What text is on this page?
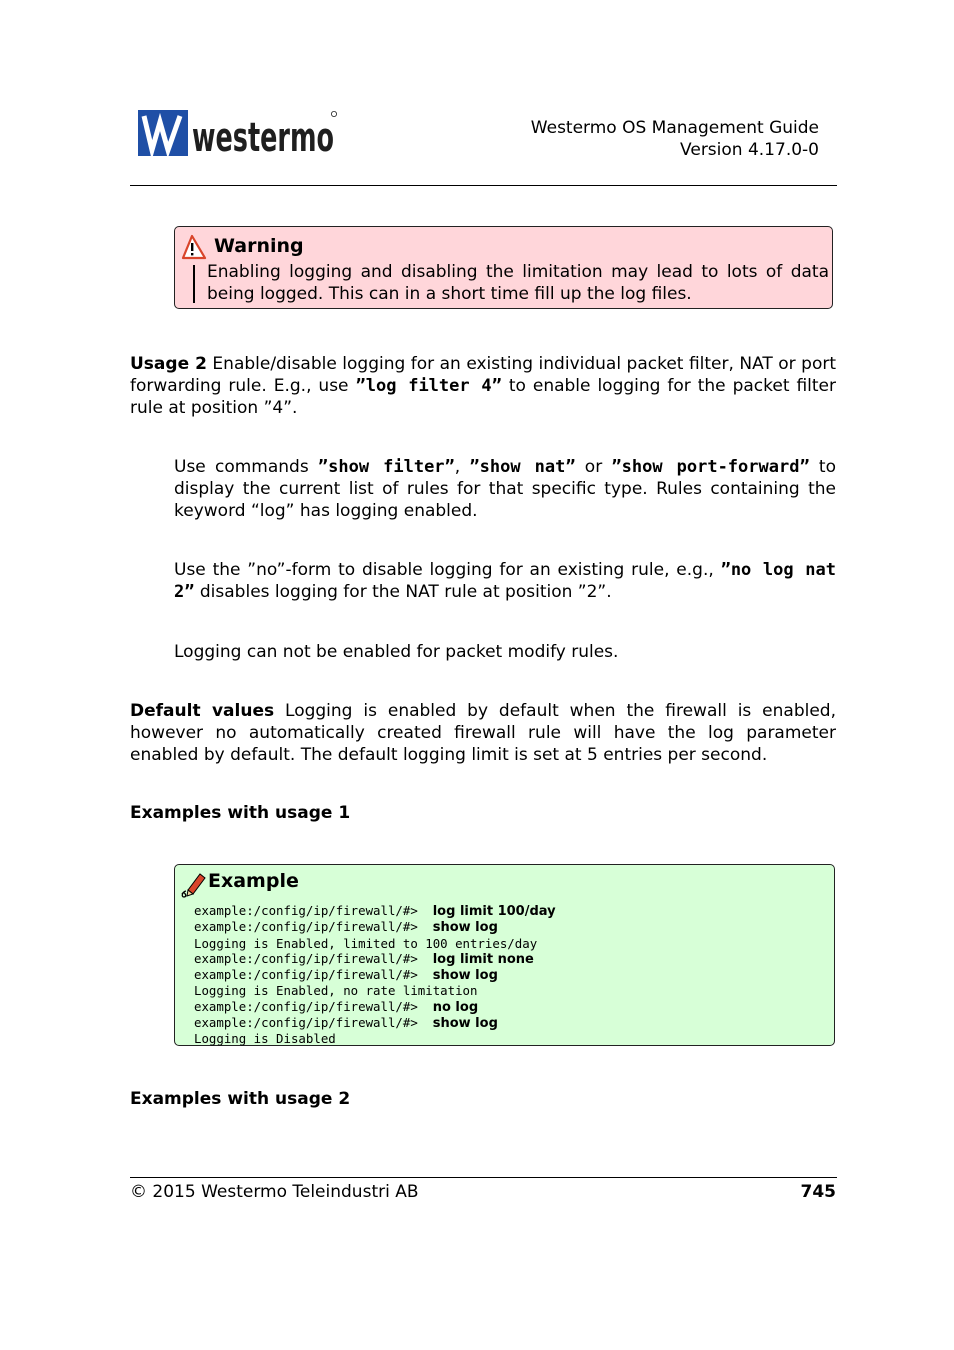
westermo	Westermo OS Management Guide
Version 4.17.0-0
Warning
Enabling logging and disabling the limitation may lead to lots of data being logged. This can in a short time fill up the log files.
Usage 2 Enable/disable logging for an existing individual packet filter, NAT or port forwarding rule. E.g., use ”log filter 4” to enable logging for the packet filter rule at position ”4”.
Use commands ”show filter”, ”show nat” or ”show port-forward” to display the current list of rules for that specific type. Rules containing the keyword “log” has logging enabled.
Use the ”no”-form to disable logging for an existing rule, e.g., ”no log nat 2” disables logging for the NAT rule at position ”2”.
Logging can not be enabled for packet modify rules.
Default values Logging is enabled by default when the firewall is enabled, however no automatically created firewall rule will have the log parameter enabled by default. The default logging limit is set at 5 entries per second.
Examples with usage 1
Example
example:/config/ip/firewall/#>  log limit 100/day
example:/config/ip/firewall/#>  show log
Logging is Enabled, limited to 100 entries/day
example:/config/ip/firewall/#>  log limit none
example:/config/ip/firewall/#>  show log
Logging is Enabled, no rate limitation
example:/config/ip/firewall/#>  no log
example:/config/ip/firewall/#>  show log
Logging is Disabled
Examples with usage 2
© 2015 Westermo Teleindustri AB	745
